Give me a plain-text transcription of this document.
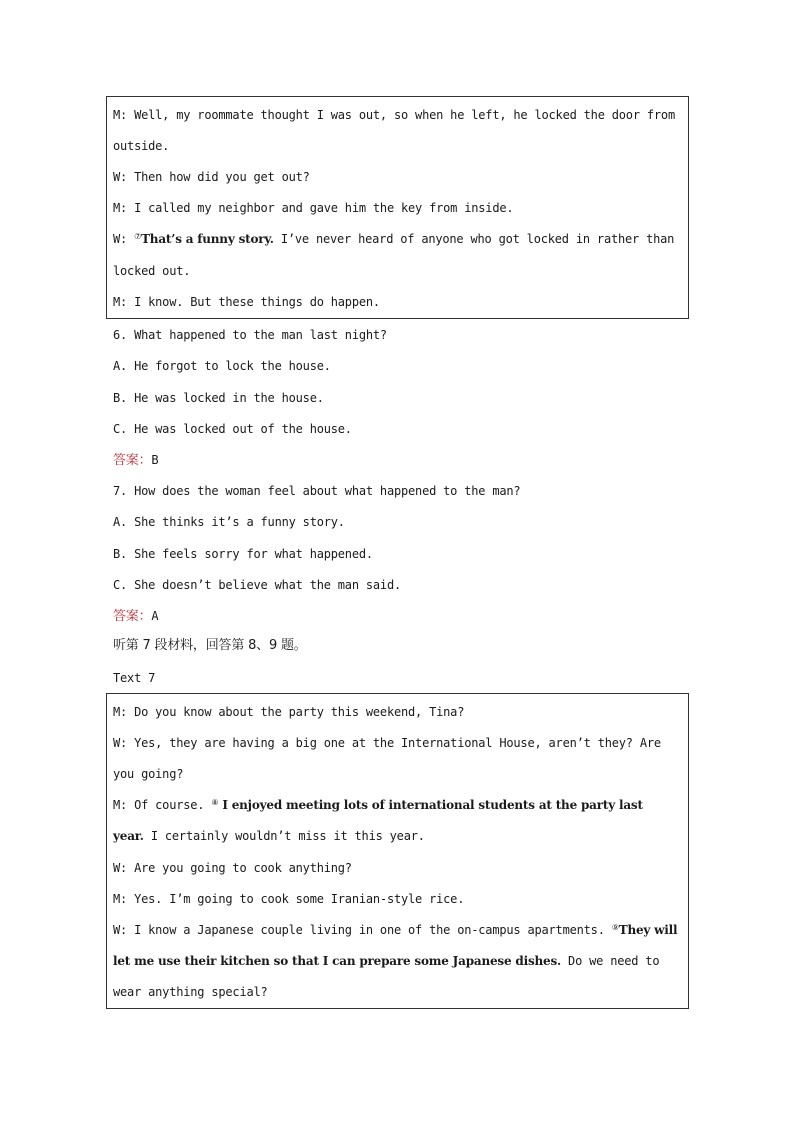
M: Well, my roommate thought I was out, so when he left, he locked the door from
outside.
W: Then how did you get out?
M: I called my neighbor and gave him the key from inside.
W: ⑦That’s a funny story. I’ve never heard of anyone who got locked in rather than
locked out.
M: I know. But these things do happen.
6. What happened to the man last night?
A. He forgot to lock the house.
B. He was locked in the house.
C. He was locked out of the house.
答案：B
7. How does the woman feel about what happened to the man?
A. She thinks it’s a funny story.
B. She feels sorry for what happened.
C. She doesn’t believe what the man said.
答案：A
听第 7 段材料，回答第 8、9 题。
Text 7
M: Do you know about the party this weekend, Tina?
W: Yes, they are having a big one at the International House, aren’t they? Are
you going?
M: Of course. ⑧ I enjoyed meeting lots of international students at the party last
year. I certainly wouldn’t miss it this year.
W: Are you going to cook anything?
M: Yes. I’m going to cook some Iranian-style rice.
W: I know a Japanese couple living in one of the on-campus apartments. ⑨They will
let me use their kitchen so that I can prepare some Japanese dishes. Do we need to
wear anything special?
